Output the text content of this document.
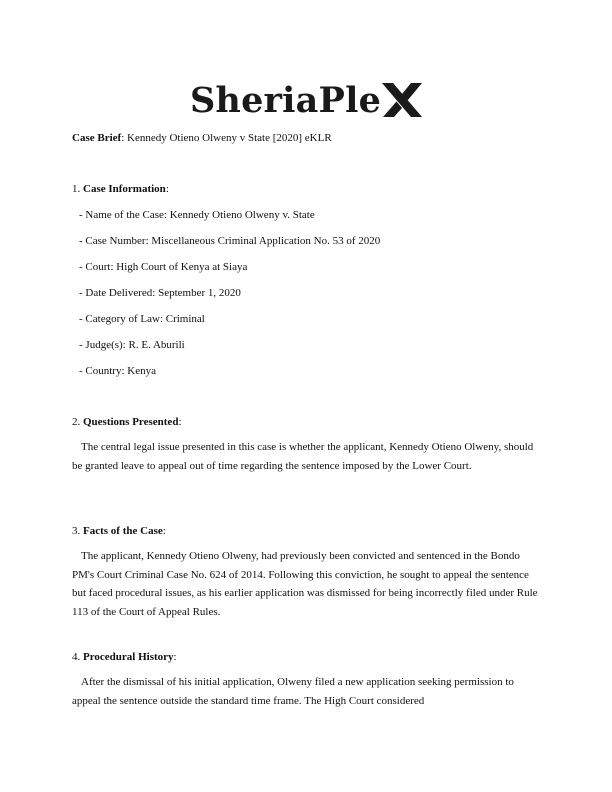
SheriaPle
Case Brief: Kennedy Otieno Olweny v State [2020] eKLR
1. Case Information:
- Name of the Case: Kennedy Otieno Olweny v. State
- Case Number: Miscellaneous Criminal Application No. 53 of 2020
- Court: High Court of Kenya at Siaya
- Date Delivered: September 1, 2020
- Category of Law: Criminal
- Judge(s): R. E. Aburili
- Country: Kenya
2. Questions Presented:
The central legal issue presented in this case is whether the applicant, Kennedy Otieno Olweny, should be granted leave to appeal out of time regarding the sentence imposed by the Lower Court.
3. Facts of the Case:
The applicant, Kennedy Otieno Olweny, had previously been convicted and sentenced in the Bondo PM's Court Criminal Case No. 624 of 2014. Following this conviction, he sought to appeal the sentence but faced procedural issues, as his earlier application was dismissed for being incorrectly filed under Rule 113 of the Court of Appeal Rules.
4. Procedural History:
After the dismissal of his initial application, Olweny filed a new application seeking permission to appeal the sentence outside the standard time frame. The High Court considered
